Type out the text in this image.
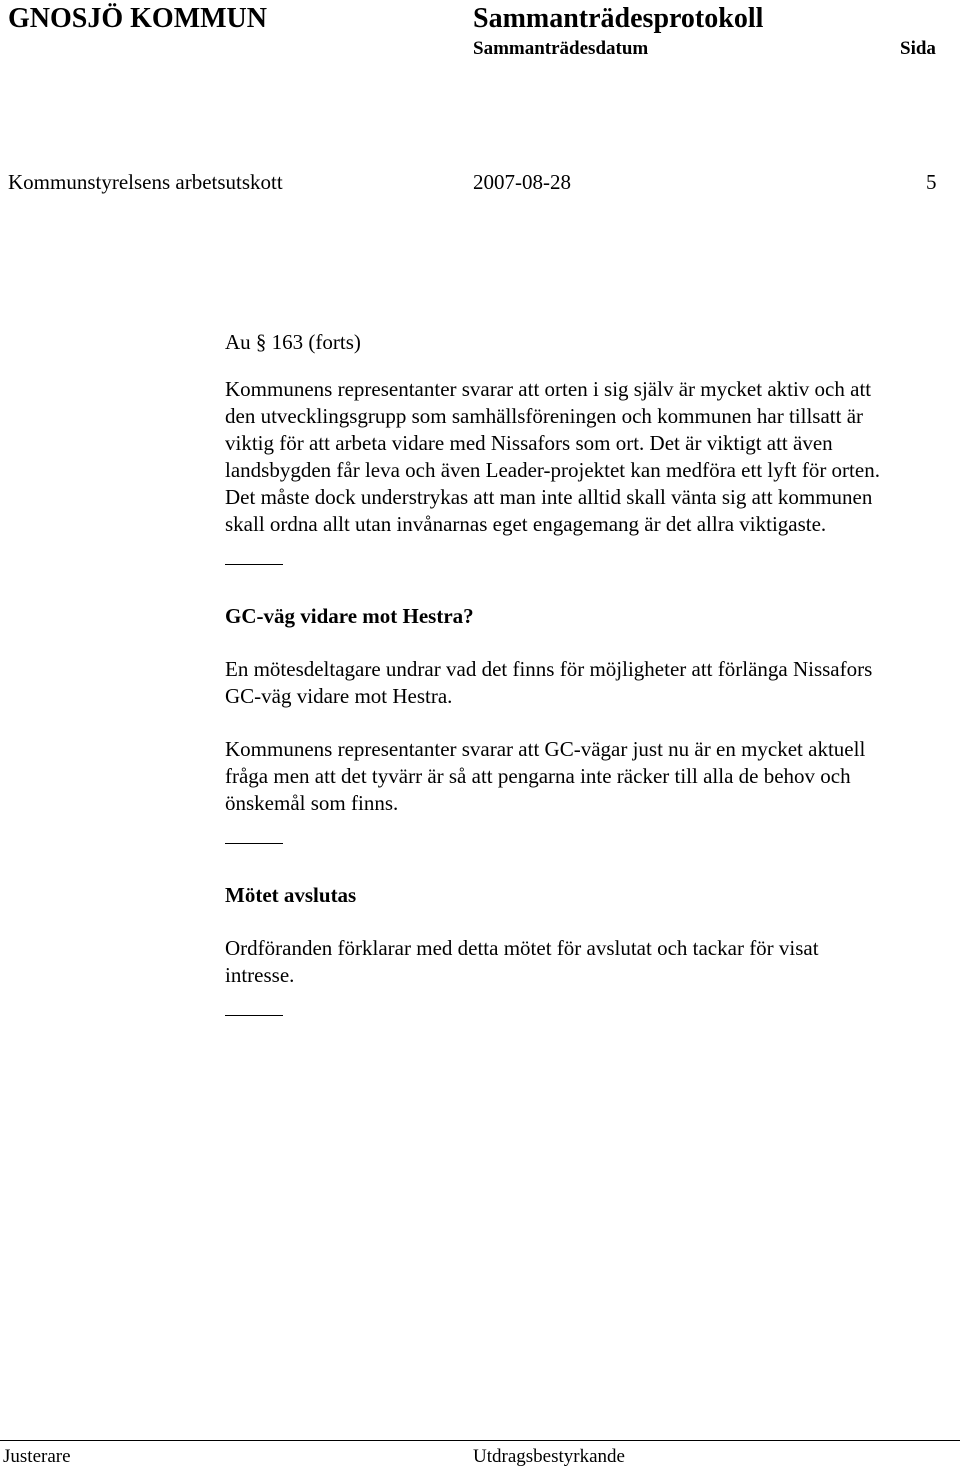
GNOSJÖ KOMMUN	Sammanträdesprotokoll
Sammanträdesdatum	Sida
Kommunstyrelsens arbetsutskott	2007-08-28	5

Au § 163 (forts)

Kommunens representanter svarar att orten i sig själv är mycket aktiv och att

den utvecklingsgrupp som samhällsföreningen och kommunen har tillsatt är

viktig för att arbeta vidare med Nissafors som ort. Det är viktigt att även

landsbygden får leva och även Leader-projektet kan medföra ett lyft för orten.

Det måste dock understrykas att man inte alltid skall vänta sig att kommunen

skall ordna allt utan invånarnas eget engagemang är det allra viktigaste.

GC-väg vidare mot Hestra?

En mötesdeltagare undrar vad det finns för möjligheter att förlänga Nissafors

GC-väg vidare mot Hestra.

Kommunens representanter svarar att GC-vägar just nu är en mycket aktuell

fråga men att det tyvärr är så att pengarna inte räcker till alla de behov och

önskemål som finns.

Mötet avslutas

Ordföranden förklarar med detta mötet för avslutat och tackar för visat

intresse.

Justerare	Utdragsbestyrkande
